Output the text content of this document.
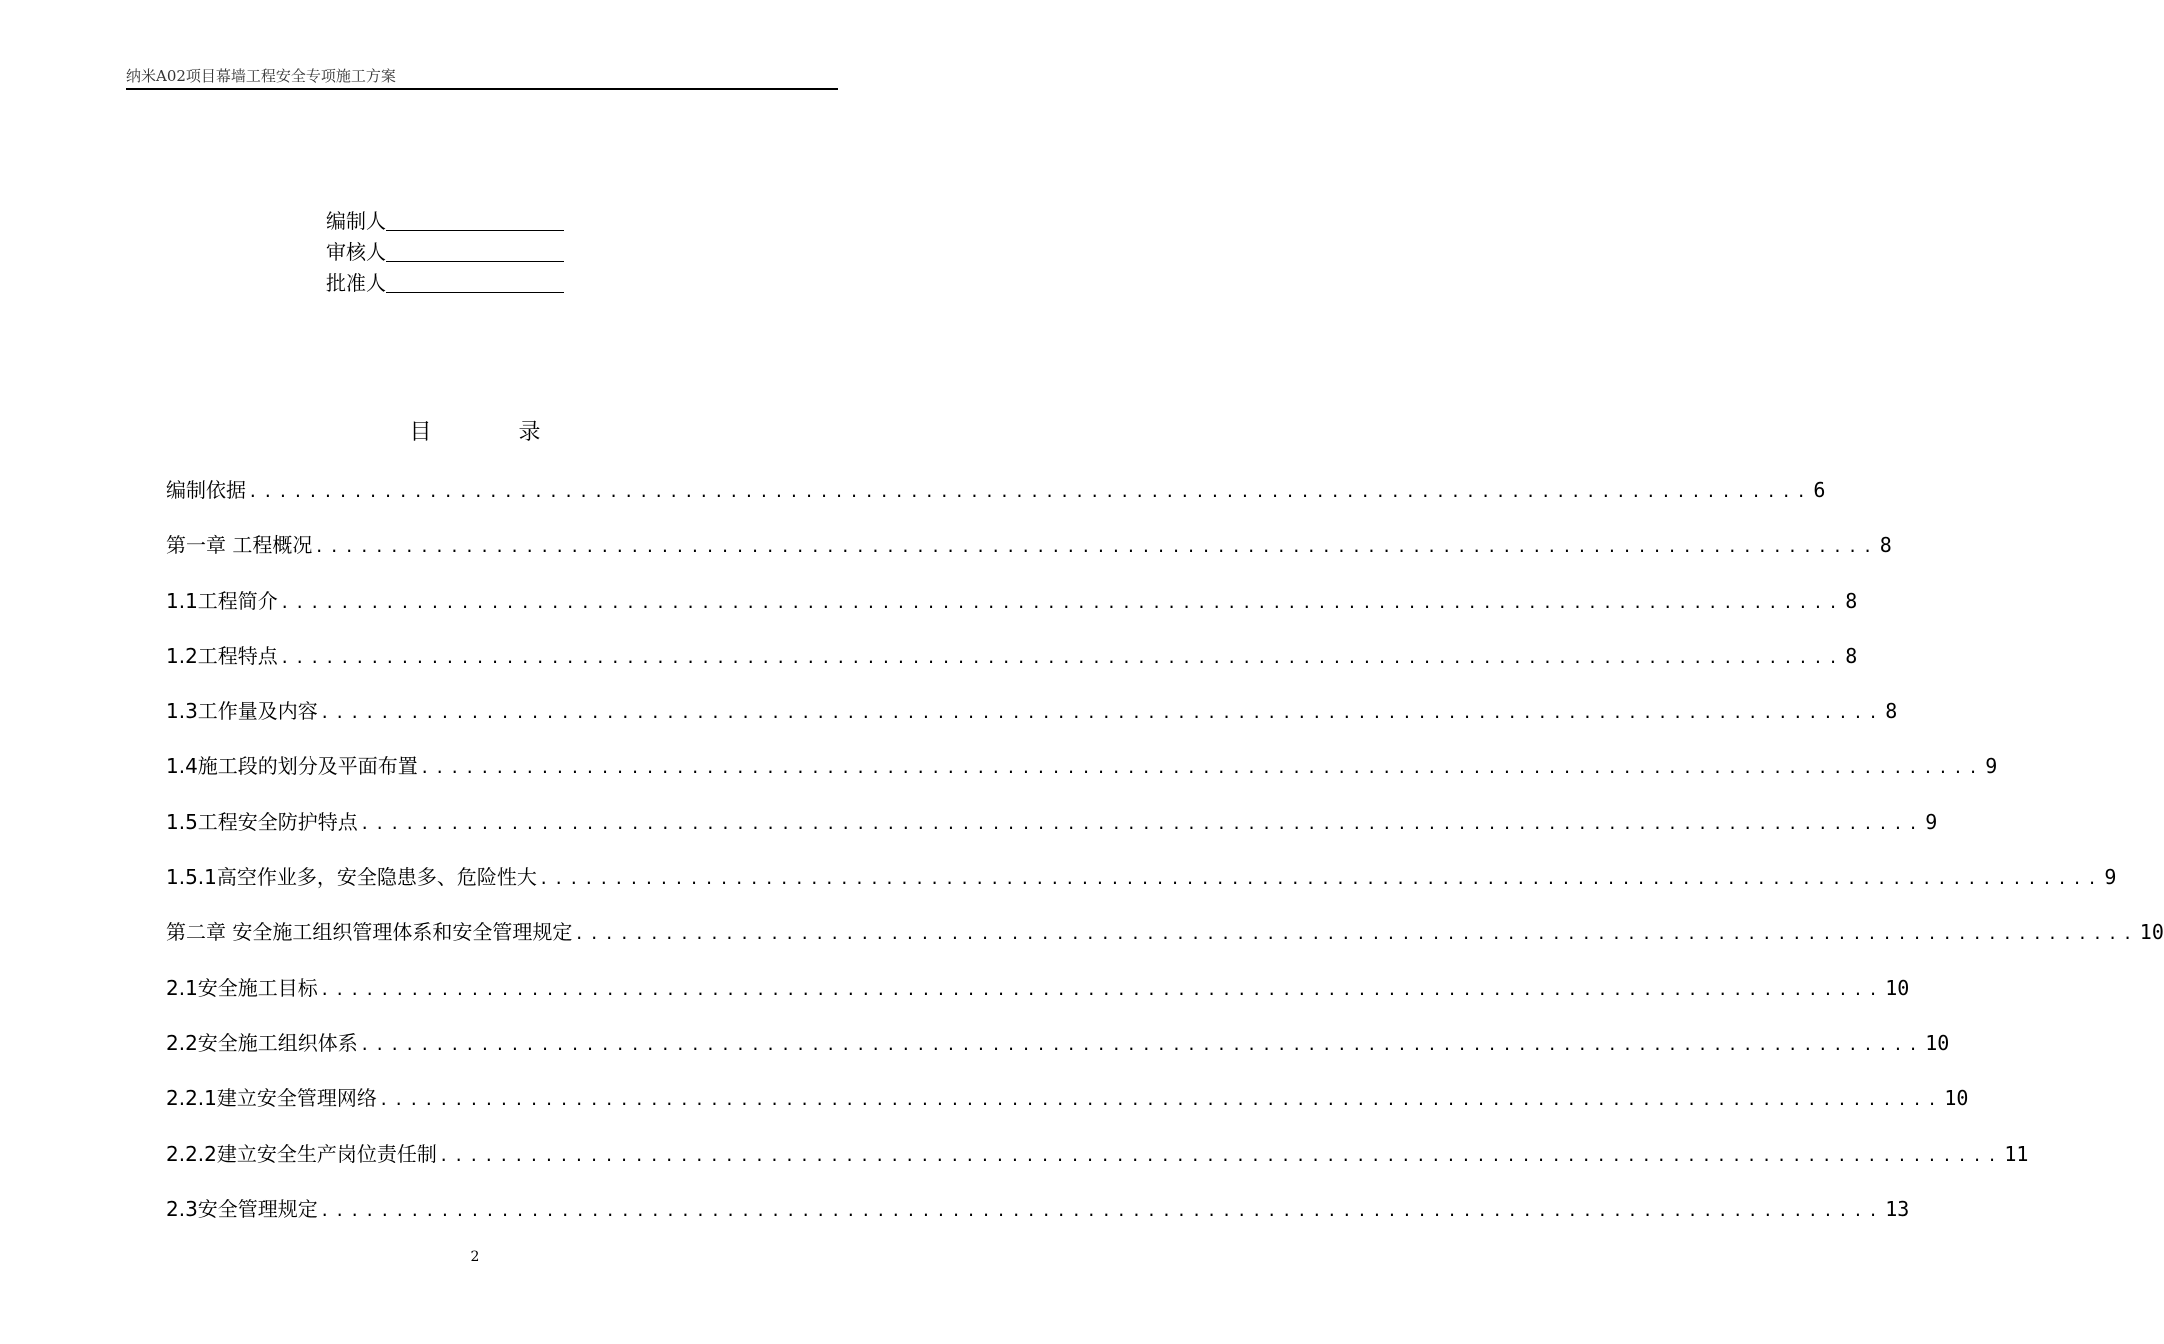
纳米A02项目幕墙工程安全专项施工方案
编制人
审核人
批准人
目 录
编制依据 ........................................................................................................ 6
第一章 工程概况 ........................................................................................................ 8
1.1工程简介 ........................................................................................................ 8
1.2工程特点 ........................................................................................................ 8
1.3工作量及内容 ........................................................................................................ 8
1.4施工段的划分及平面布置 ........................................................................................................ 9
1.5工程安全防护特点 ........................................................................................................ 9
1.5.1高空作业多，安全隐患多、危险性大 ........................................................................................................ 9
第二章 安全施工组织管理体系和安全管理规定 ........................................................................................................ 10
2.1安全施工目标 ........................................................................................................ 10
2.2安全施工组织体系 ........................................................................................................ 10
2.2.1建立安全管理网络 ........................................................................................................ 10
2.2.2建立安全生产岗位责任制 ........................................................................................................ 11
2.3安全管理规定 ........................................................................................................ 13
2
